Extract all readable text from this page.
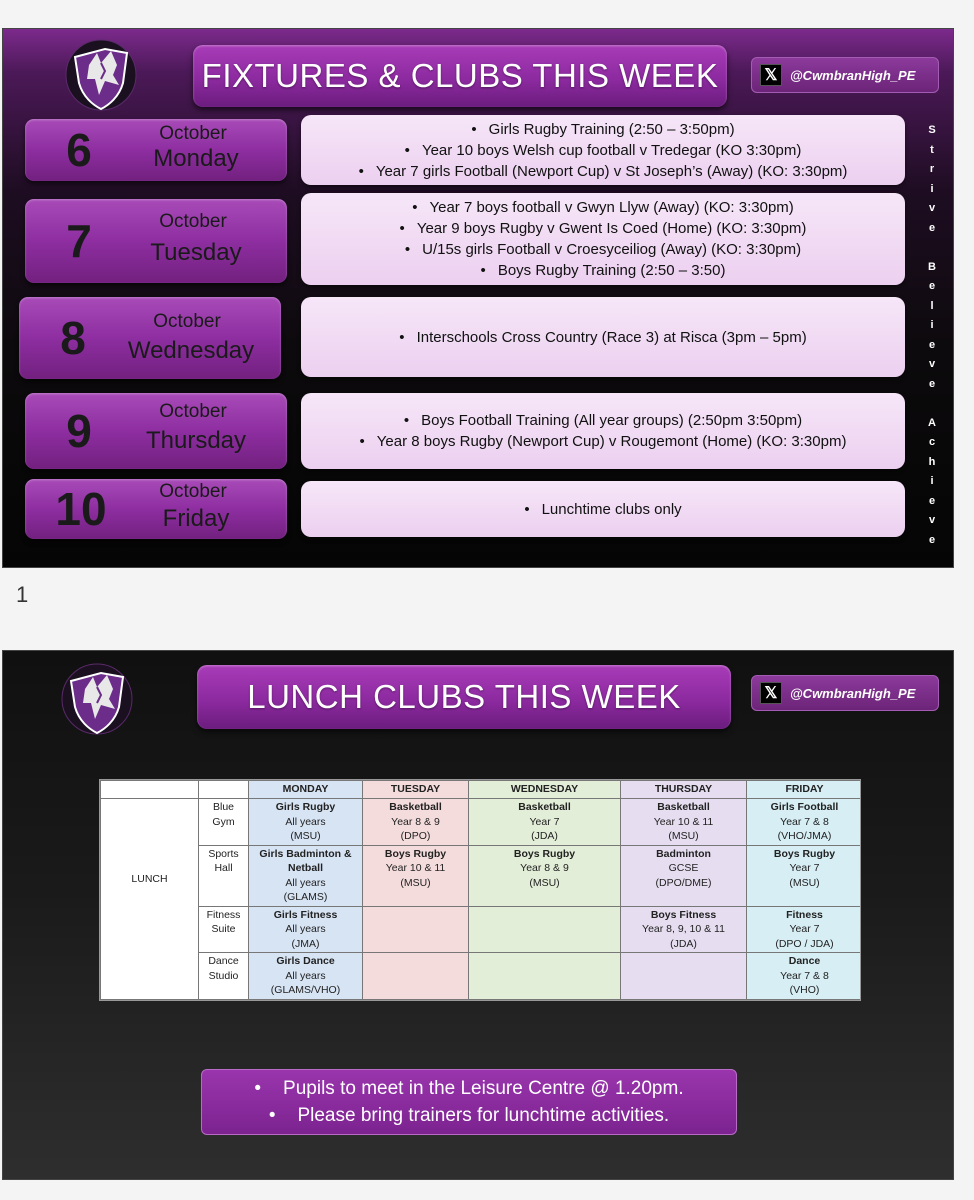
FIXTURES & CLUBS THIS WEEK	𝕏 @CwmbranHigh_PE
6	October
Monday
• Girls Rugby Training (2:50 – 3:50pm)
• Year 10 boys Welsh cup football v Tredegar (KO 3:30pm)
• Year 7 girls Football (Newport Cup) v St Joseph’s (Away) (KO: 3:30pm)
7	October
Tuesday
• Year 7 boys football v Gwyn Llyw (Away) (KO: 3:30pm)
• Year 9 boys Rugby v Gwent Is Coed (Home) (KO: 3:30pm)
• U/15s girls Football v Croesyceiliog (Away) (KO: 3:30pm)
• Boys Rugby Training (2:50 – 3:50)
8	October
Wednesday	• Interschools Cross Country (Race 3) at Risca (3pm – 5pm)
9	October
Thursday
• Boys Football Training (All year groups) (2:50pm 3:50pm)
• Year 8 boys Rugby (Newport Cup) v Rougemont (Home) (KO: 3:30pm)
10	October
Friday	• Lunchtime clubs only
S
t
r
i
v
e
B
e
l
i
e
v
e
A
c
h
i
e
v
e
1
LUNCH CLUBS THIS WEEK	𝕏 @CwmbranHigh_PE
		MONDAY	TUESDAY	WEDNESDAY	THURSDAY	FRIDAY
LUNCH	Blue Gym	Girls Rugby
All years
(MSU)	Basketball
Year 8 & 9
(DPO)	Basketball
Year 7
(JDA)	Basketball
Year 10 & 11
(MSU)	Girls Football
Year 7 & 8
(VHO/JMA)

	Sports Hall	Girls Badminton & Netball
All years
(GLAMS)	Boys Rugby
Year 10 & 11
(MSU)	Boys Rugby
Year 8 & 9
(MSU)	Badminton
GCSE
(DPO/DME)	Boys Rugby
Year 7
(MSU)

	Fitness Suite	Girls Fitness
All years
(JMA)			Boys Fitness
Year 8, 9, 10 & 11
(JDA)	Fitness
Year 7
(DPO / JDA)

	Dance Studio	Girls Dance
All years
(GLAMS/VHO)				Dance
Year 7 & 8
(VHO)
• Pupils to meet in the Leisure Centre @ 1.20pm.
• Please bring trainers for lunchtime activities.
